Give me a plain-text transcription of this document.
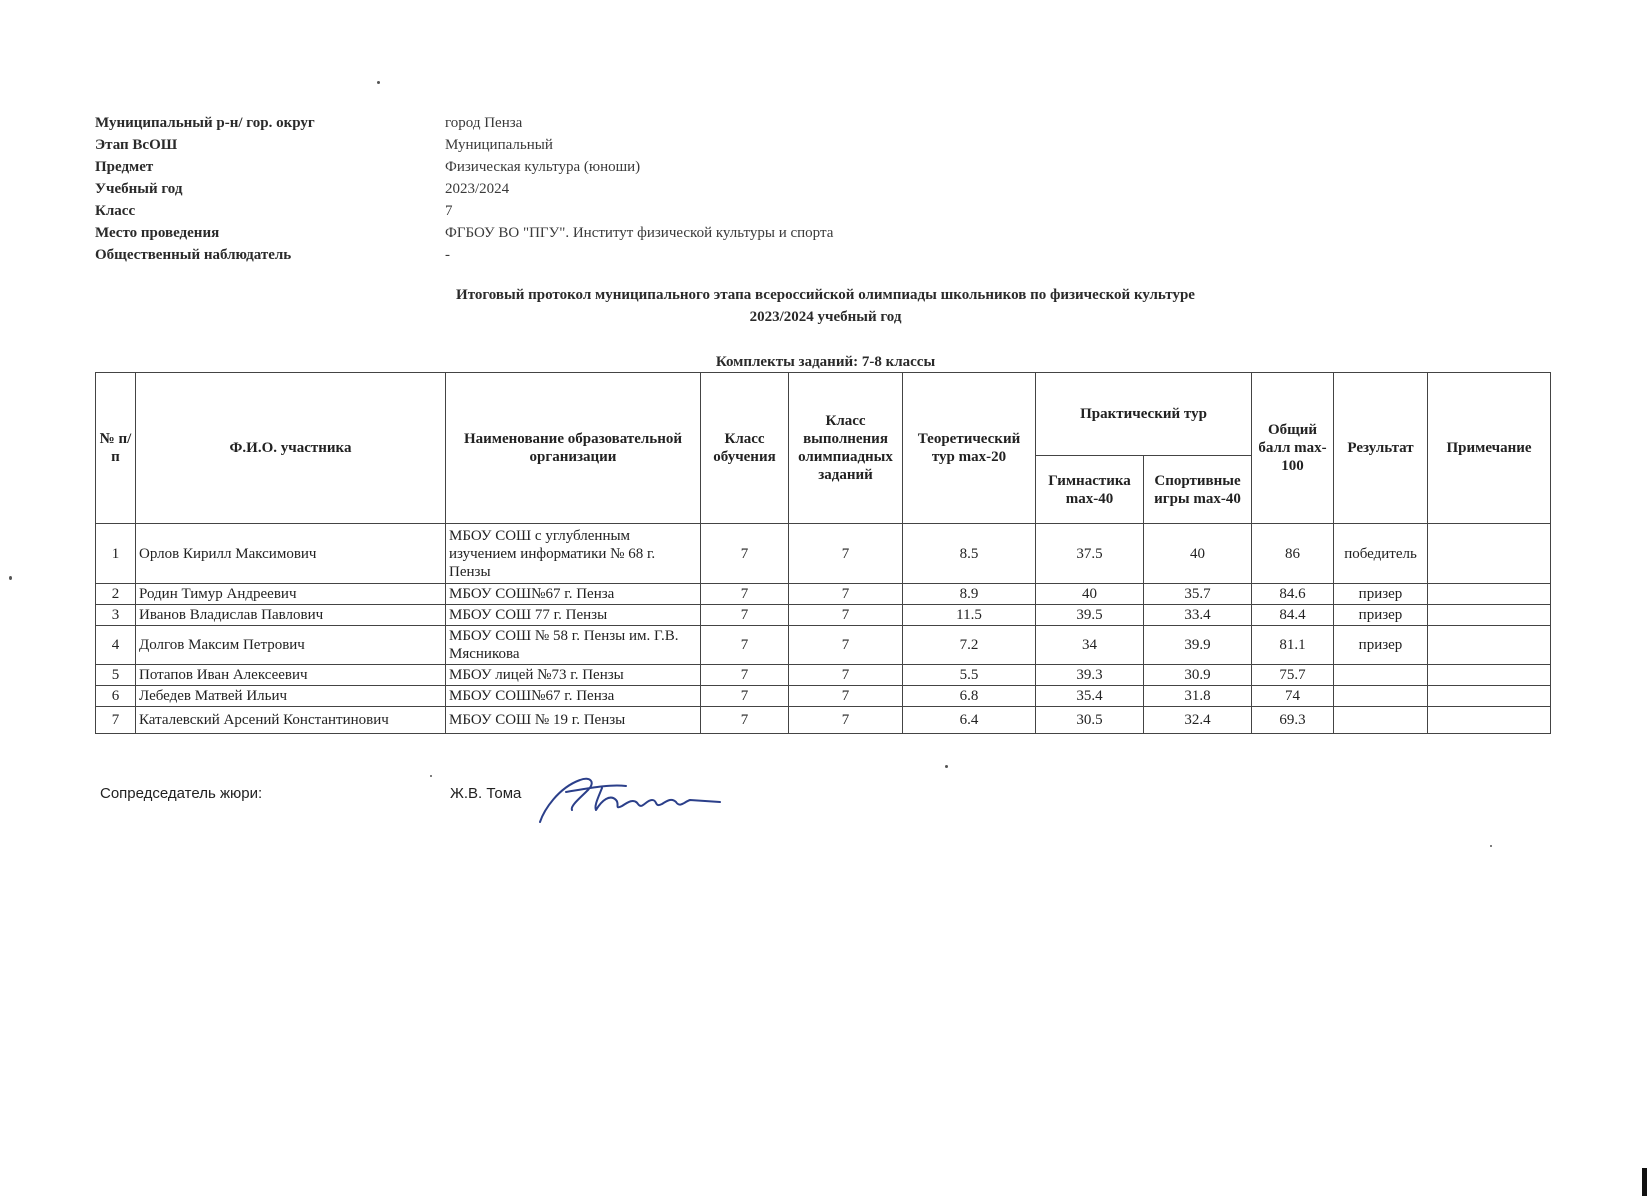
Муниципальный р-н/ гор. округ	город Пенза
Этап ВсОШ	Муниципальный
Предмет	Физическая культура (юноши)
Учебный год	2023/2024
Класс	7
Место проведения	ФГБОУ ВО "ПГУ". Институт физической культуры и спорта
Общественный наблюдатель	-
Итоговый протокол муниципального этапа всероссийской олимпиады школьников по физической культуре
2023/2024 учебный год
Комплекты заданий: 7-8 классы
№ п/п	Ф.И.О. участника	Наименование образовательной организации	Класс обучения	Класс выполнения олимпиадных заданий	Теоретический тур max-20	Практический тур		Общий балл max-100	Результат	Примечание
						Гимнастика max-40	Спортивные игры max-40			
1	Орлов Кирилл Максимович	МБОУ СОШ с углубленным изучением информатики № 68 г. Пензы	7	7	8.5	37.5	40	86	победитель	
2	Родин Тимур Андреевич	МБОУ СОШ№67 г. Пенза	7	7	8.9	40	35.7	84.6	призер	
3	Иванов Владислав Павлович	МБОУ СОШ 77 г. Пензы	7	7	11.5	39.5	33.4	84.4	призер	
4	Долгов Максим Петрович	МБОУ СОШ № 58 г. Пензы им. Г.В. Мясникова	7	7	7.2	34	39.9	81.1	призер	
5	Потапов Иван Алексеевич	МБОУ лицей №73 г. Пензы	7	7	5.5	39.3	30.9	75.7		
6	Лебедев Матвей Ильич	МБОУ СОШ№67 г. Пенза	7	7	6.8	35.4	31.8	74		
7	Каталевский Арсений Константинович	МБОУ СОШ № 19 г. Пензы	7	7	6.4	30.5	32.4	69.3		
Сопредседатель жюри:	Ж.В. Тома
